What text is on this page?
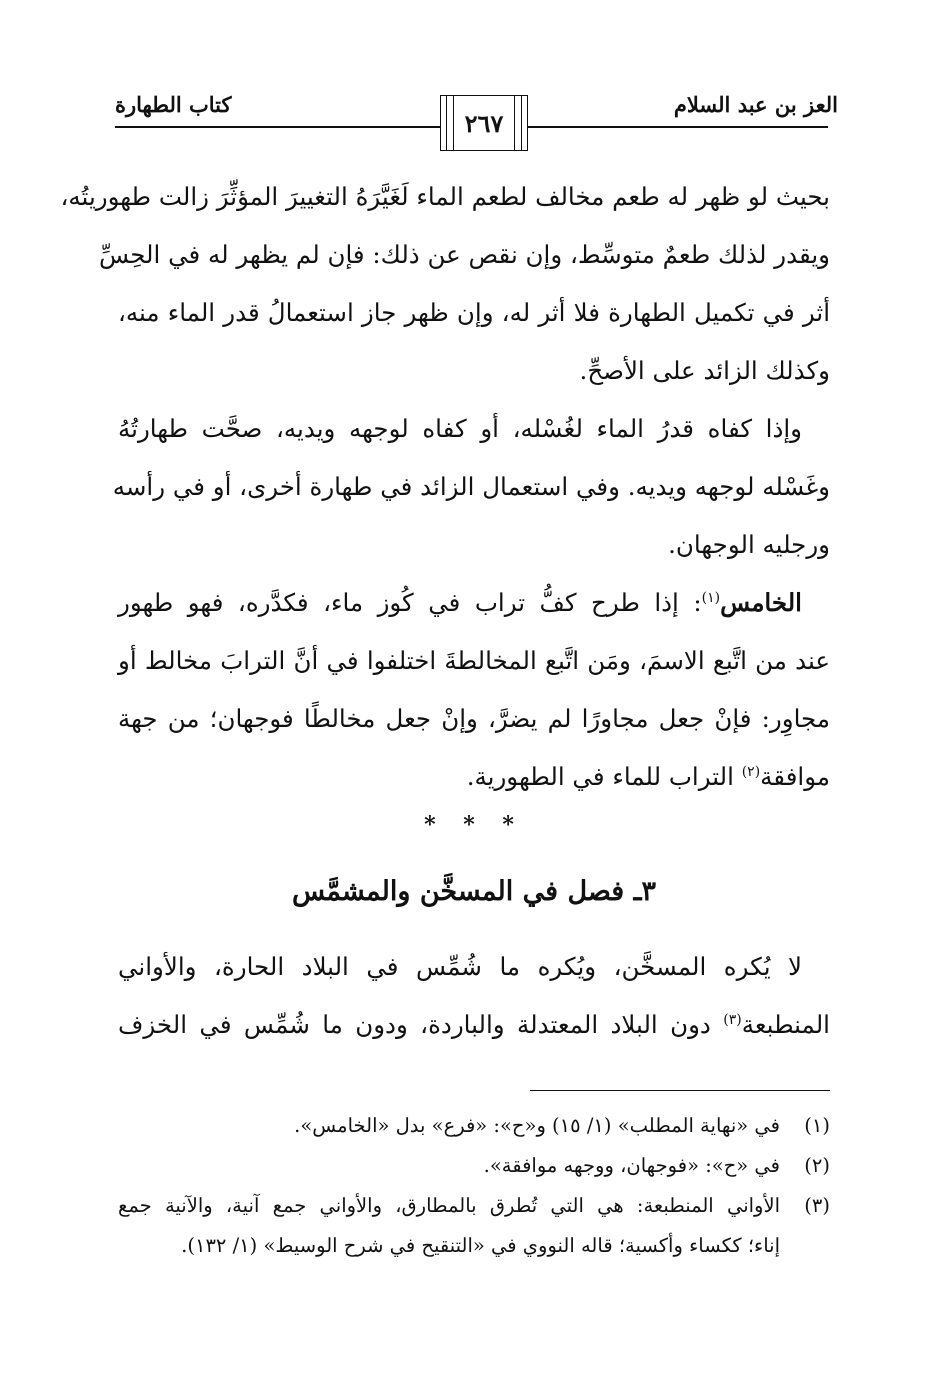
العز بن عبد السلام
كتاب الطهارة
٢٦٧
بحيث لو ظهر له طعم مخالف لطعم الماء لَغَيَّرَهُ التغييرَ المؤثِّرَ زالت طهوريتُه،
ويقدر لذلك طعمٌ متوسِّط، وإن نقص عن ذلك: فإن لم يظهر له في الحِسِّ
أثر في تكميل الطهارة فلا أثر له، وإن ظهر جاز استعمالُ قدر الماء منه،
وكذلك الزائد على الأصحِّ.
وإذا كفاه قدرُ الماء لغُسْله، أو كفاه لوجهه ويديه، صحَّت طهارتُهُ
وغَسْله لوجهه ويديه. وفي استعمال الزائد في طهارة أخرى، أو في رأسه
ورجليه الوجهان.
الخامس$^{(١)}$: إذا طرح كفُّ تراب في كُوز ماء، فكدَّره، فهو طهور
عند من اتَّبع الاسمَ، ومَن اتَّبع المخالطةَ اختلفوا في أنَّ الترابَ مخالط أو
مجاوِر: فإنْ جعل مجاورًا لم يضرَّ، وإنْ جعل مخالطًا فوجهان؛ من جهة
موافقة$^{(٢)}$ التراب للماء في الطهورية.
* * *
٣ـ فصل في المسخَّن والمشمَّس
لا يُكره المسخَّن، ويُكره ما شُمِّس في البلاد الحارة، والأواني
المنطبعة$^{(٣)}$ دون البلاد المعتدلة والباردة، ودون ما شُمِّس في الخزف
(١)
في «نهاية المطلب» (١/ ١٥) و«ح»: «فرع» بدل «الخامس».
(٢)
في «ح»: «فوجهان، ووجهه موافقة».
(٣)
الأواني المنطبعة: هي التي تُطرق بالمطارق، والأواني جمع آنية، والآنية جمع
إناء؛ ككساء وأكسية؛ قاله النووي في «التنقيح في شرح الوسيط» (١/ ١٣٢).
